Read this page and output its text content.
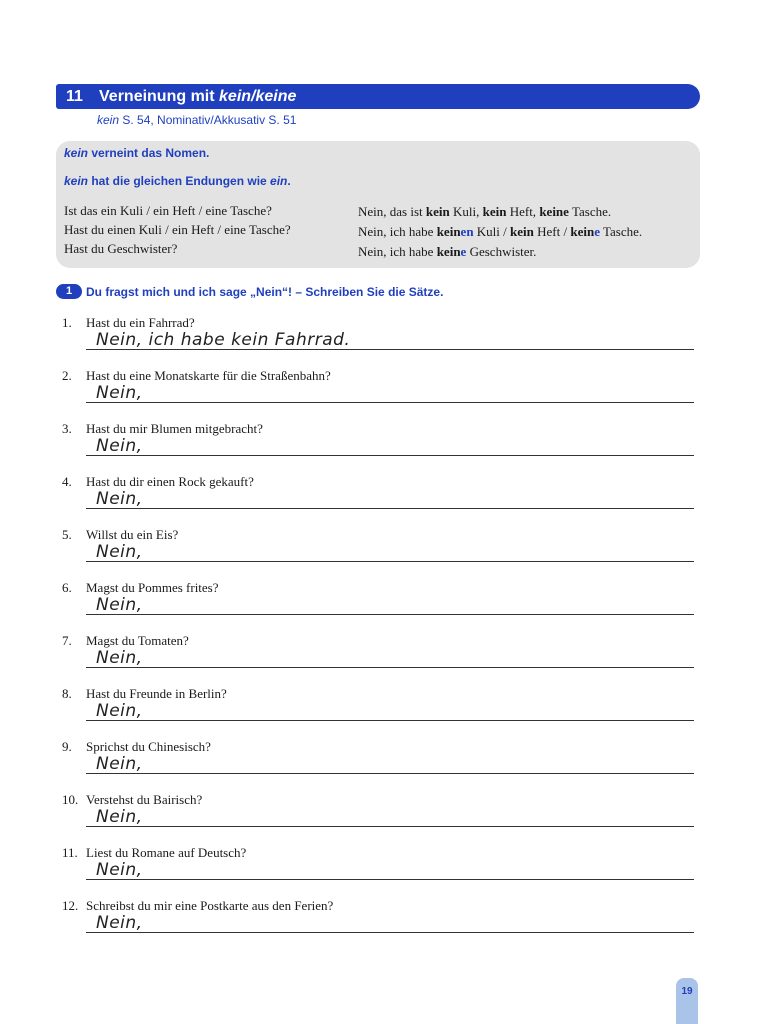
11 Verneinung mit kein/keine
kein S. 54, Nominativ/Akkusativ S. 51
kein verneint das Nomen.
kein hat die gleichen Endungen wie ein.
Ist das ein Kuli / ein Heft / eine Tasche?
Hast du einen Kuli / ein Heft / eine Tasche?
Hast du Geschwister?
Nein, das ist kein Kuli, kein Heft, keine Tasche.
Nein, ich habe keinen Kuli / kein Heft / keine Tasche.
Nein, ich habe keine Geschwister.
1 Du fragst mich und ich sage „Nein“! – Schreiben Sie die Sätze.
1. Hast du ein Fahrrad?
Nein, ich habe kein Fahrrad.
2. Hast du eine Monatskarte für die Straßenbahn?
Nein,
3. Hast du mir Blumen mitgebracht?
Nein,
4. Hast du dir einen Rock gekauft?
Nein,
5. Willst du ein Eis?
Nein,
6. Magst du Pommes frites?
Nein,
7. Magst du Tomaten?
Nein,
8. Hast du Freunde in Berlin?
Nein,
9. Sprichst du Chinesisch?
Nein,
10. Verstehst du Bairisch?
Nein,
11. Liest du Romane auf Deutsch?
Nein,
12. Schreibst du mir eine Postkarte aus den Ferien?
Nein,
19
